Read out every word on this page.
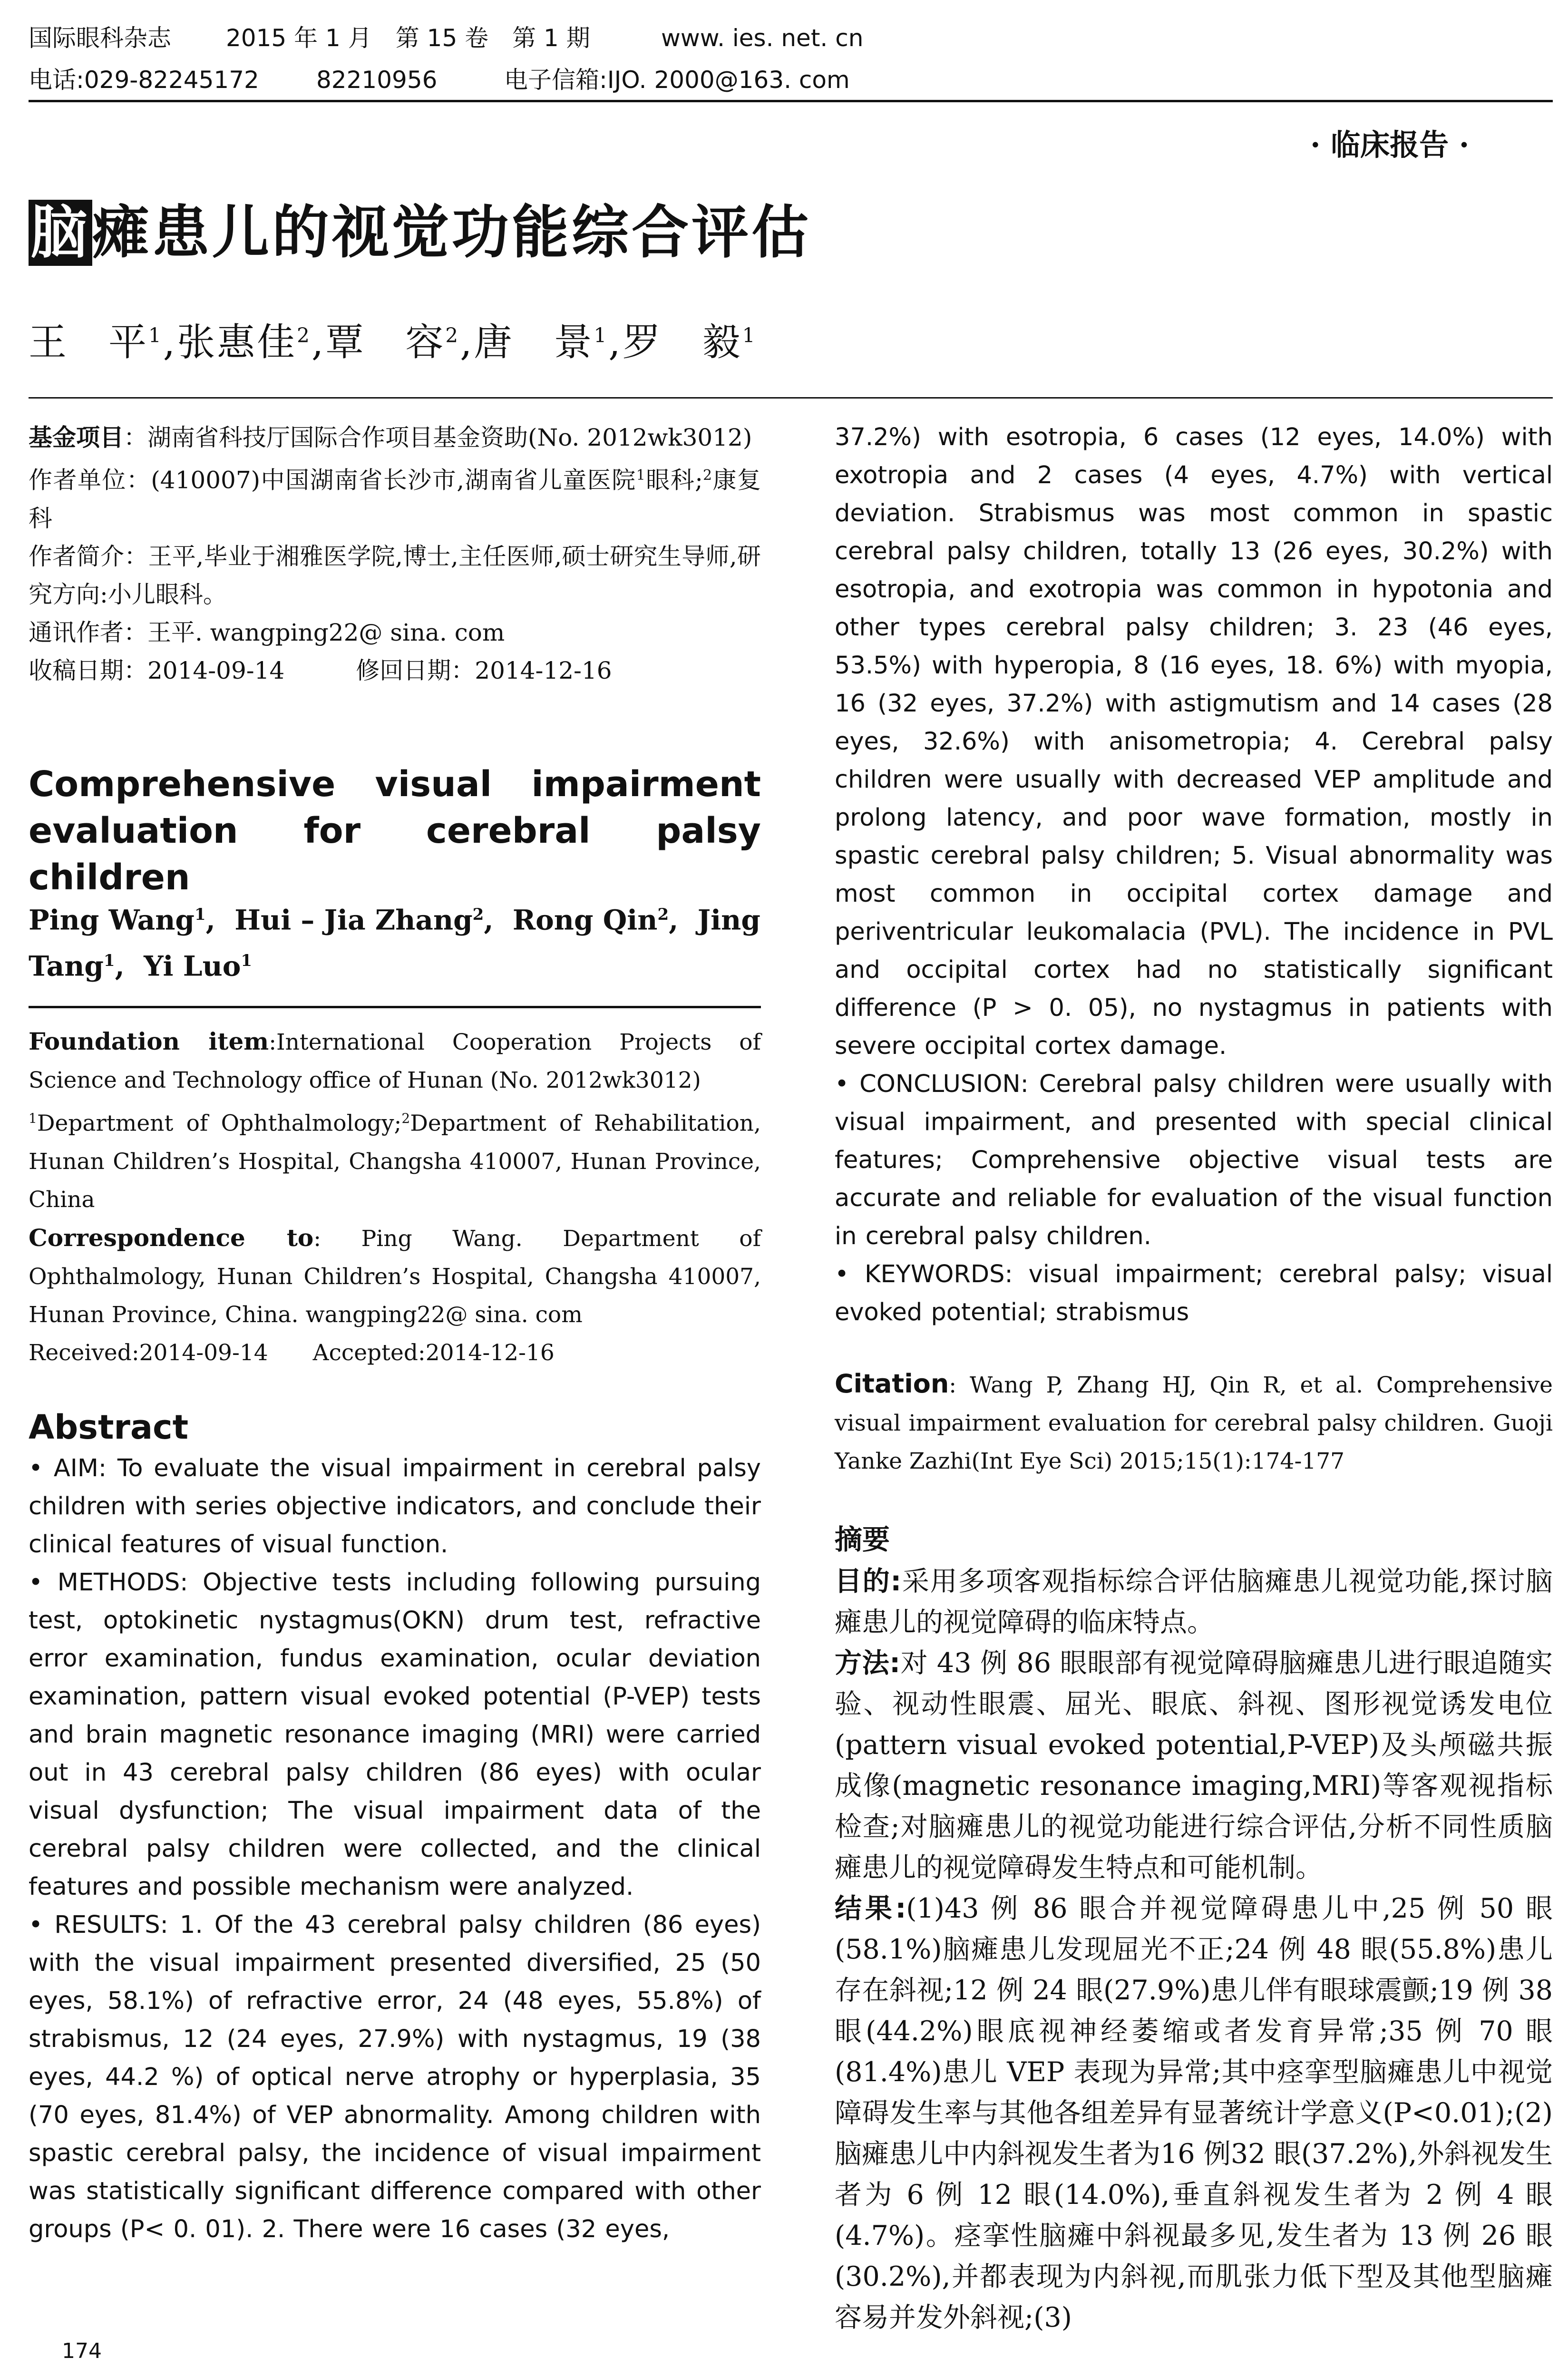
国际眼科杂志 2015 年 1 月　第 15 卷　第 1 期	www. ies. net. cn
电话:029-82245172 82210956	电子信箱:IJO. 2000@163. com
· 临床报告 ·
脑瘫患儿的视觉功能综合评估
王　平$^1$,张惠佳$^2$,覃　容$^2$,唐　景$^1$,罗　毅$^1$

基金项目：湖南省科技厅国际合作项目基金资助(No. 2012wk3012)

作者单位：(410007)中国湖南省长沙市,湖南省儿童医院$^1$眼科;$^2$康复科

作者简介：王平,毕业于湘雅医学院,博士,主任医师,硕士研究生导师,研究方向:小儿眼科。

通讯作者：王平. wangping22@ sina. com

收稿日期：2014-09-14　　　修回日期：2014-12-16

Comprehensive visual impairment evaluation for cerebral palsy children

Ping Wang$^1$,  Hui – Jia Zhang$^2$,  Rong Qin$^2$,  Jing Tang$^1$,  Yi Luo$^1$

Foundation item:International Cooperation Projects of Science and Technology office of Hunan (No. 2012wk3012)

$^1$Department of Ophthalmology;$^2$Department of Rehabilitation, Hunan Children’s Hospital, Changsha 410007, Hunan Province, China

Correspondence to: Ping Wang. Department of Ophthalmology, Hunan Children’s Hospital, Changsha 410007, Hunan Province, China. wangping22@ sina. com

Received:2014-09-14　　Accepted:2014-12-16

Abstract

• AIM: To evaluate the visual impairment in cerebral palsy children with series objective indicators, and conclude their clinical features of visual function.

• METHODS: Objective tests including following pursuing test, optokinetic nystagmus(OKN) drum test, refractive error examination, fundus examination, ocular deviation examination, pattern visual evoked potential (P-VEP) tests and brain magnetic resonance imaging (MRI) were carried out in 43 cerebral palsy children (86 eyes) with ocular visual dysfunction; The visual impairment data of the cerebral palsy children were collected, and the clinical features and possible mechanism were analyzed.

• RESULTS: 1. Of the 43 cerebral palsy children (86 eyes) with the visual impairment presented diversified, 25 (50 eyes, 58.1%) of refractive error, 24 (48 eyes, 55.8%) of strabismus, 12 (24 eyes, 27.9%) with nystagmus, 19 (38 eyes, 44.2 %) of optical nerve atrophy or hyperplasia, 35 (70 eyes, 81.4%) of VEP abnormality. Among children with spastic cerebral palsy, the incidence of visual impairment was statistically significant difference compared with other groups (P< 0. 01). 2. There were 16 cases (32 eyes,

37.2%) with esotropia, 6 cases (12 eyes, 14.0%) with exotropia and 2 cases (4 eyes, 4.7%) with vertical deviation. Strabismus was most common in spastic cerebral palsy children, totally 13 (26 eyes, 30.2%) with esotropia, and exotropia was common in hypotonia and other types cerebral palsy children; 3. 23 (46 eyes, 53.5%) with hyperopia, 8 (16 eyes, 18. 6%) with myopia, 16 (32 eyes, 37.2%) with astigmutism and 14 cases (28 eyes, 32.6%) with anisometropia; 4. Cerebral palsy children were usually with decreased VEP amplitude and prolong latency, and poor wave formation, mostly in spastic cerebral palsy children; 5. Visual abnormality was most common in occipital cortex damage and periventricular leukomalacia (PVL). The incidence in PVL and occipital cortex had no statistically significant difference (P > 0. 05), no nystagmus in patients with severe occipital cortex damage.

• CONCLUSION: Cerebral palsy children were usually with visual impairment, and presented with special clinical features; Comprehensive objective visual tests are accurate and reliable for evaluation of the visual function in cerebral palsy children.

• KEYWORDS: visual impairment; cerebral palsy; visual evoked potential; strabismus

Citation: Wang P, Zhang HJ, Qin R, et al. Comprehensive visual impairment evaluation for cerebral palsy children. Guoji Yanke Zazhi(Int Eye Sci) 2015;15(1):174-177

摘要

目的:采用多项客观指标综合评估脑瘫患儿视觉功能,探讨脑瘫患儿的视觉障碍的临床特点。

方法:对 43 例 86 眼眼部有视觉障碍脑瘫患儿进行眼追随实验、视动性眼震、屈光、眼底、斜视、图形视觉诱发电位(pattern visual evoked potential,P-VEP)及头颅磁共振成像(magnetic resonance imaging,MRI)等客观视指标检查;对脑瘫患儿的视觉功能进行综合评估,分析不同性质脑瘫患儿的视觉障碍发生特点和可能机制。

结果:(1)43 例 86 眼合并视觉障碍患儿中,25 例 50 眼(58.1%)脑瘫患儿发现屈光不正;24 例 48 眼(55.8%)患儿存在斜视;12 例 24 眼(27.9%)患儿伴有眼球震颤;19 例 38 眼(44.2%)眼底视神经萎缩或者发育异常;35 例 70 眼(81.4%)患儿 VEP 表现为异常;其中痉挛型脑瘫患儿中视觉障碍发生率与其他各组差异有显著统计学意义(P<0.01);(2)脑瘫患儿中内斜视发生者为16 例32 眼(37.2%),外斜视发生者为 6 例 12 眼(14.0%),垂直斜视发生者为 2 例 4 眼(4.7%)。痉挛性脑瘫中斜视最多见,发生者为 13 例 26 眼(30.2%),并都表现为内斜视,而肌张力低下型及其他型脑瘫容易并发外斜视;(3)

174
